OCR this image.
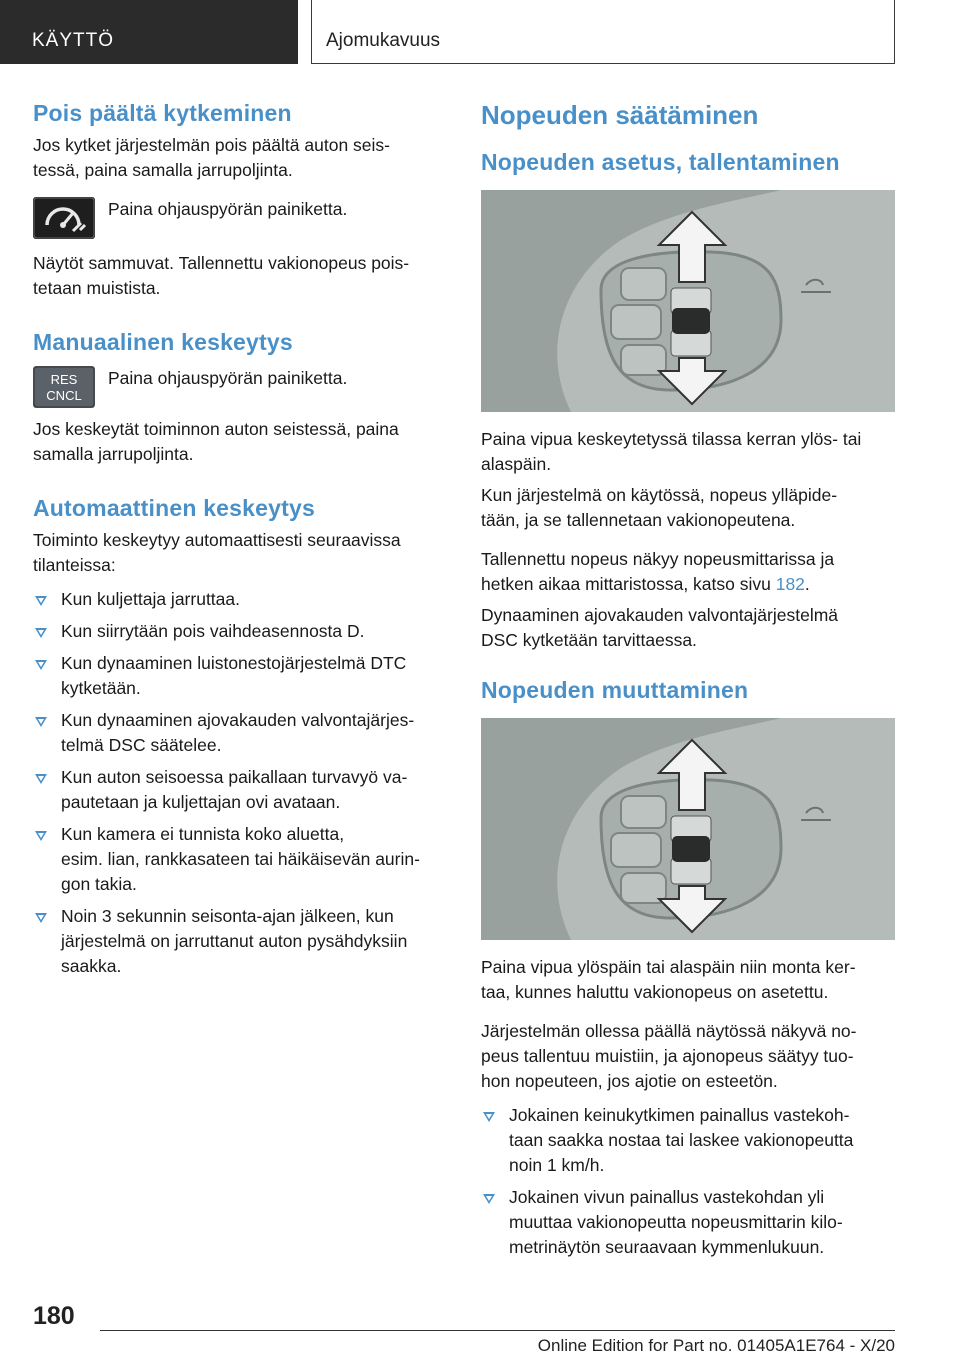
KÄYTTÖ	Ajomukavuus
Pois päältä kytkeminen

Jos kytket järjestelmän pois päältä auton seis-
tessä, paina samalla jarrupoljinta.

Paina ohjauspyörän painiketta.

Näytöt sammuvat. Tallennettu vakionopeus pois-
tetaan muistista.

Manuaalinen keskeytys
RES
CNCL

Paina ohjauspyörän painiketta.

Jos keskeytät toiminnon auton seistessä, paina
samalla jarrupoljinta.

Automaattinen keskeytys

Toiminto keskeytyy automaattisesti seuraavissa
tilanteissa:

Kun kuljettaja jarruttaa.
Kun siirrytään pois vaihdeasennosta D.
Kun dynaaminen luistonestojärjestelmä DTC
kytketään.
Kun dynaaminen ajovakauden valvontajärjes-
telmä DSC säätelee.
Kun auton seisoessa paikallaan turvavyö va-
pautetaan ja kuljettajan ovi avataan.
Kun kamera ei tunnista koko aluetta,
esim. lian, rankkasateen tai häikäisevän aurin-
gon takia.
Noin 3 sekunnin seisonta-ajan jälkeen, kun
järjestelmä on jarruttanut auton pysähdyksiin
saakka.
Nopeuden säätäminen
Nopeuden asetus, tallentaminen

Paina vipua keskeytetyssä tilassa kerran ylös- tai
alaspäin.

Kun järjestelmä on käytössä, nopeus ylläpide-
tään, ja se tallennetaan vakionopeutena.

Tallennettu nopeus näkyy nopeusmittarissa ja
hetken aikaa mittaristossa, katso sivu 182.

Dynaaminen ajovakauden valvontajärjestelmä
DSC kytketään tarvittaessa.

Nopeuden muuttaminen

Paina vipua ylöspäin tai alaspäin niin monta ker-
taa, kunnes haluttu vakionopeus on asetettu.

Järjestelmän ollessa päällä näytössä näkyvä no-
peus tallentuu muistiin, ja ajonopeus säätyy tuo-
hon nopeuteen, jos ajotie on esteetön.

Jokainen keinukytkimen painallus vastekoh-
taan saakka nostaa tai laskee vakionopeutta
noin 1 km/h.
Jokainen vivun painallus vastekohdan yli
muuttaa vakionopeutta nopeusmittarin kilo-
metrinäytön seuraavaan kymmenlukuun.
180
Online Edition for Part no. 01405A1E764 - X/20
